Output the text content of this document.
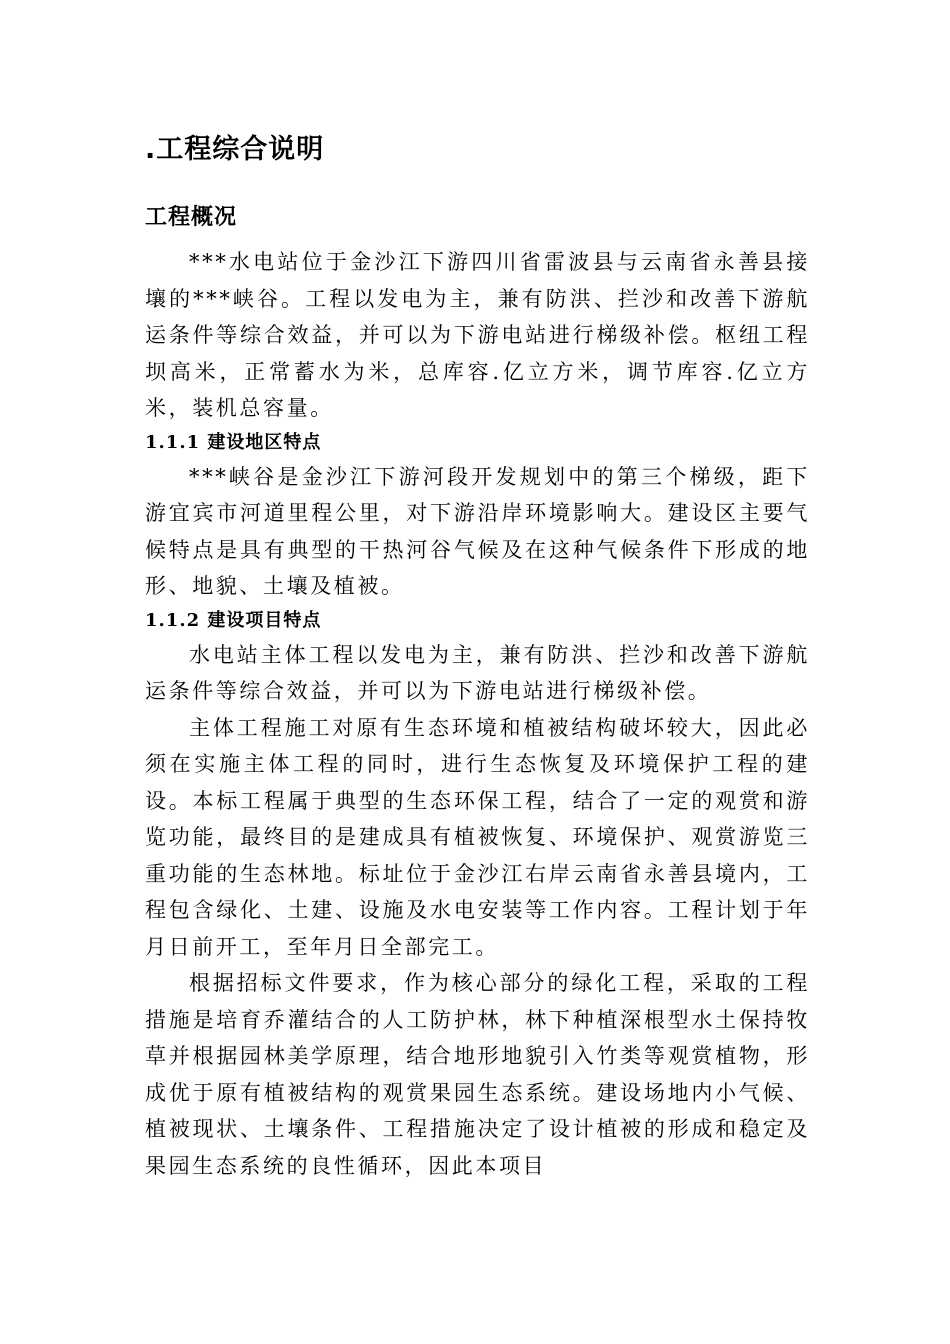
.工程综合说明
工程概况

***水电站位于金沙江下游四川省雷波县与云南省永善县接壤的***峡谷。工程以发电为主，兼有防洪、拦沙和改善下游航运条件等综合效益，并可以为下游电站进行梯级补偿。枢纽工程坝高米，正常蓄水为米，总库容.亿立方米，调节库容.亿立方米，装机总容量。

1.1.1 建设地区特点

***峡谷是金沙江下游河段开发规划中的第三个梯级，距下游宜宾市河道里程公里，对下游沿岸环境影响大。建设区主要气候特点是具有典型的干热河谷气候及在这种气候条件下形成的地形、地貌、土壤及植被。

1.1.2 建设项目特点

水电站主体工程以发电为主，兼有防洪、拦沙和改善下游航运条件等综合效益，并可以为下游电站进行梯级补偿。

主体工程施工对原有生态环境和植被结构破坏较大，因此必须在实施主体工程的同时，进行生态恢复及环境保护工程的建设。本标工程属于典型的生态环保工程，结合了一定的观赏和游览功能，最终目的是建成具有植被恢复、环境保护、观赏游览三重功能的生态林地。标址位于金沙江右岸云南省永善县境内，工程包含绿化、土建、设施及水电安装等工作内容。工程计划于年月日前开工，至年月日全部完工。

根据招标文件要求，作为核心部分的绿化工程，采取的工程措施是培育乔灌结合的人工防护林，林下种植深根型水土保持牧草并根据园林美学原理，结合地形地貌引入竹类等观赏植物，形成优于原有植被结构的观赏果园生态系统。建设场地内小气候、植被现状、土壤条件、工程措施决定了设计植被的形成和稳定及果园生态系统的良性循环，因此本项目
